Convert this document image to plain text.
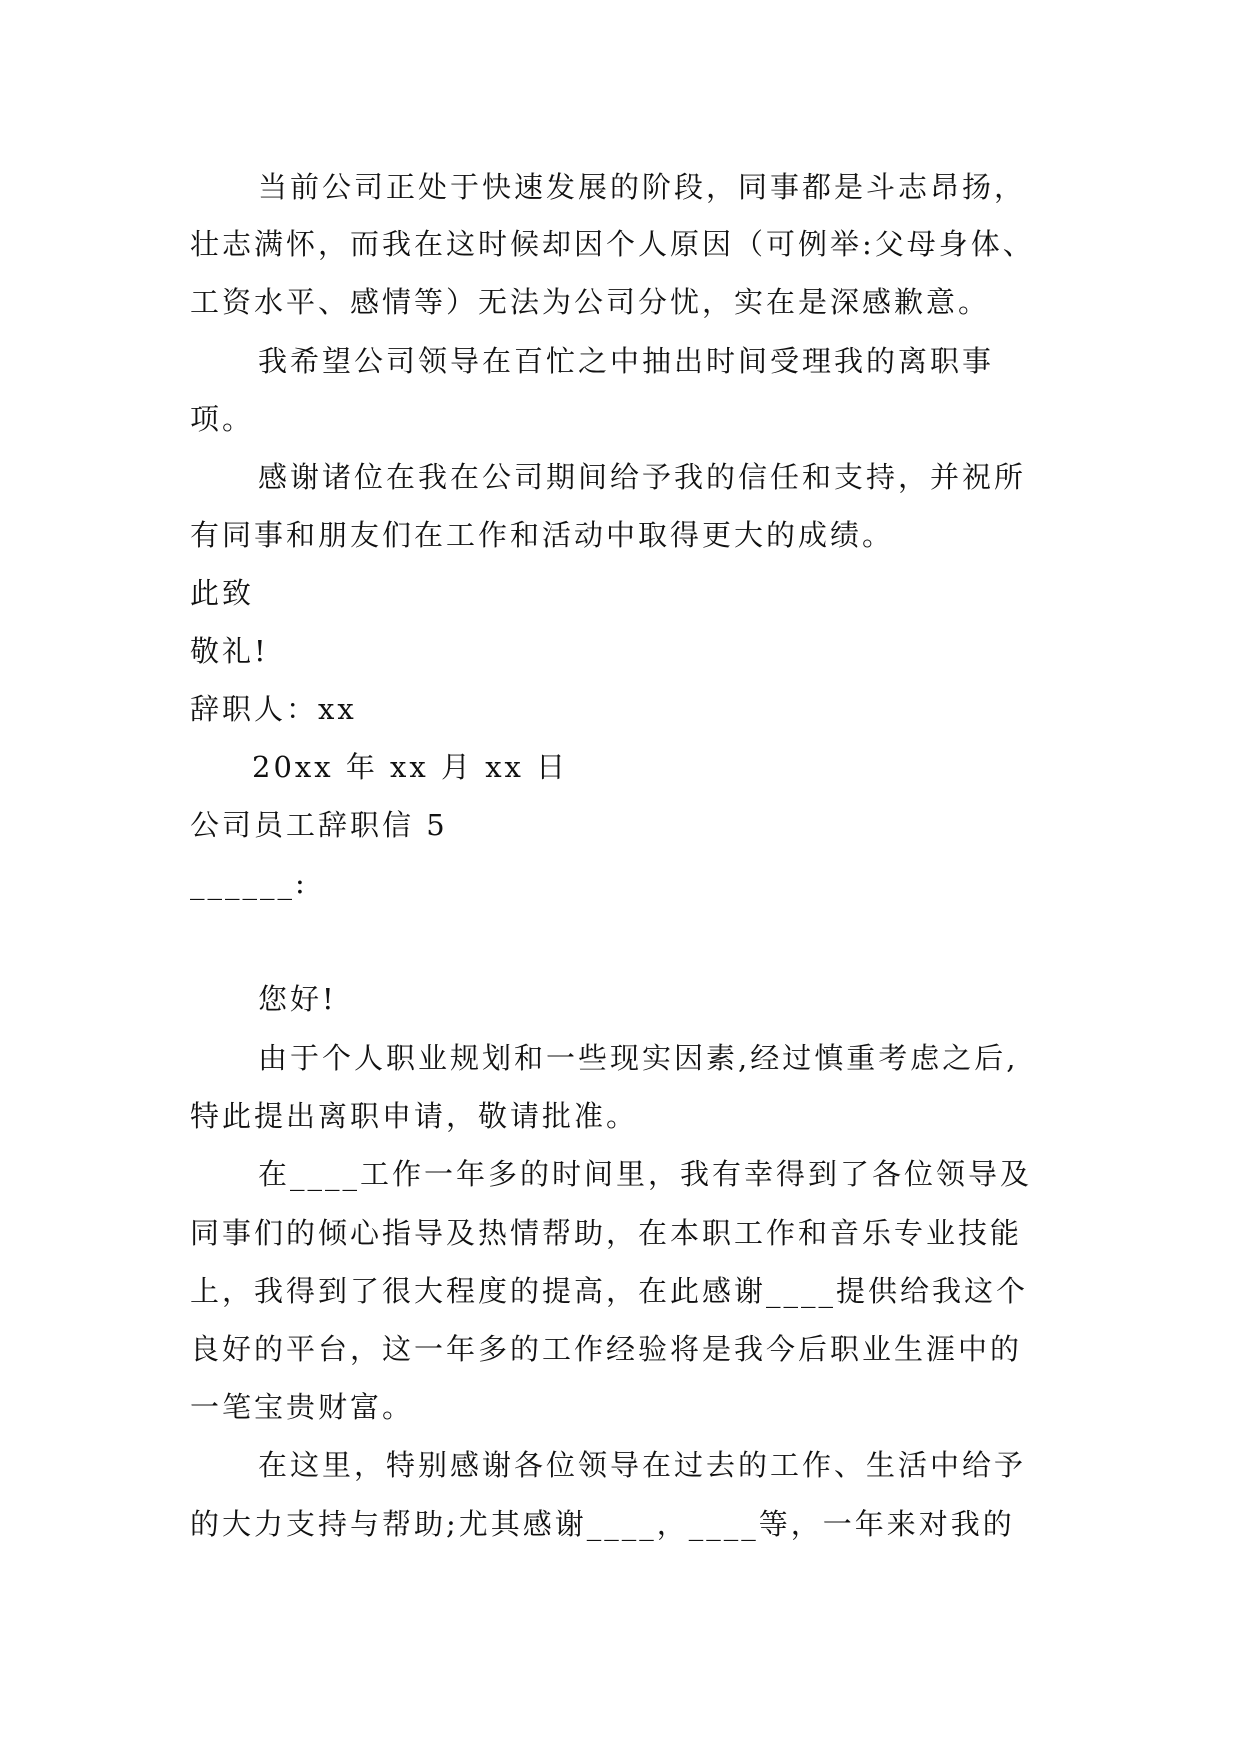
当前公司正处于快速发展的阶段，同事都是斗志昂扬，
壮志满怀，而我在这时候却因个人原因（可例举:父母身体、
工资水平、感情等）无法为公司分忧，实在是深感歉意。
我希望公司领导在百忙之中抽出时间受理我的离职事
项。
感谢诸位在我在公司期间给予我的信任和支持，并祝所
有同事和朋友们在工作和活动中取得更大的成绩。
此致
敬礼!
辞职人：xx
20xx 年 xx 月 xx 日
公司员工辞职信 5
______:
您好!
由于个人职业规划和一些现实因素,经过慎重考虑之后,
特此提出离职申请，敬请批准。
在____工作一年多的时间里，我有幸得到了各位领导及
同事们的倾心指导及热情帮助，在本职工作和音乐专业技能
上，我得到了很大程度的提高，在此感谢____提供给我这个
良好的平台，这一年多的工作经验将是我今后职业生涯中的
一笔宝贵财富。
在这里，特别感谢各位领导在过去的工作、生活中给予
的大力支持与帮助;尤其感谢____，____等，一年来对我的
